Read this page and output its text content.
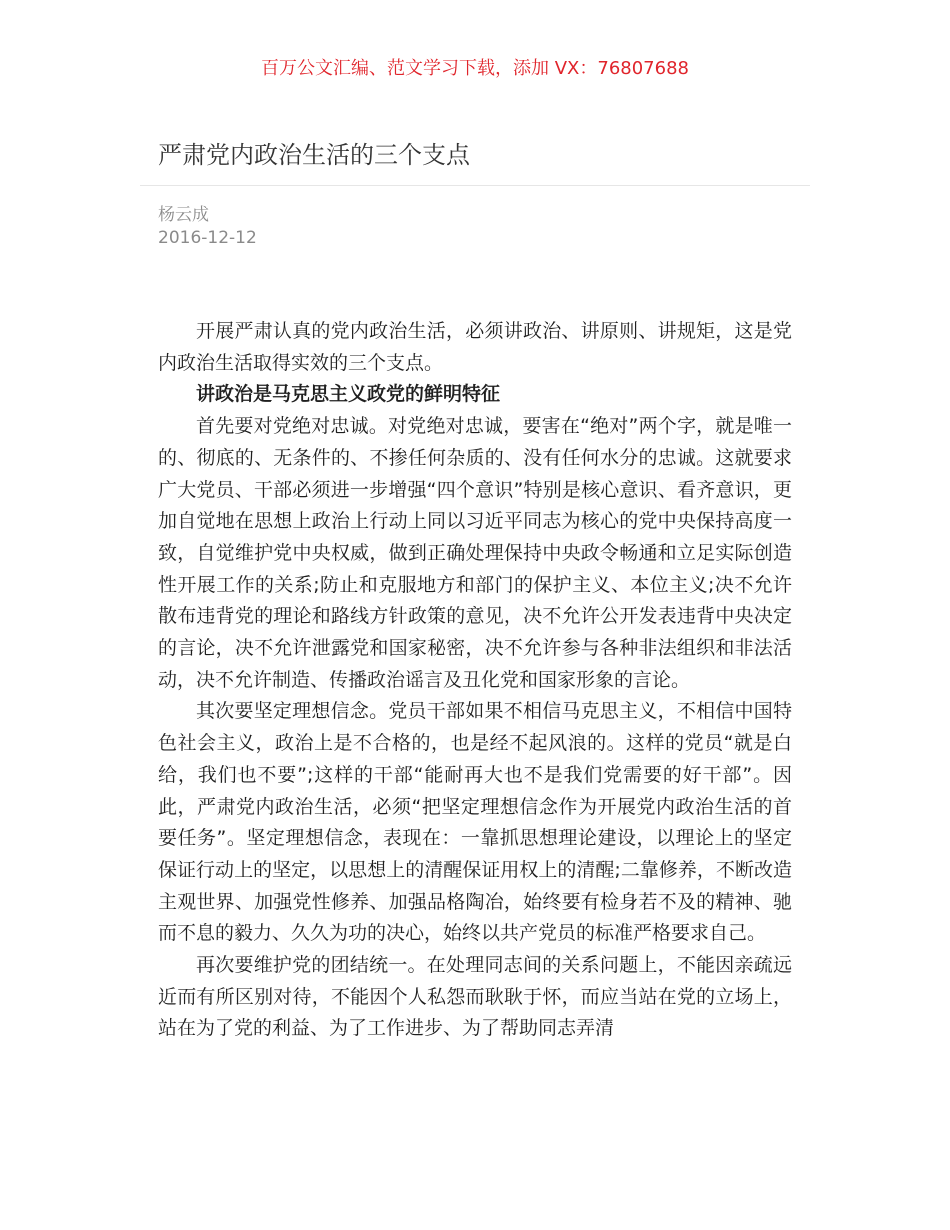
百万公文汇编、范文学习下载，添加 VX：76807688
严肃党内政治生活的三个支点
杨云成
2016-12-12

开展严肃认真的党内政治生活，必须讲政治、讲原则、讲规矩，这是党内政治生活取得实效的三个支点。

讲政治是马克思主义政党的鲜明特征

首先要对党绝对忠诚。对党绝对忠诚，要害在“绝对”两个字，就是唯一的、彻底的、无条件的、不掺任何杂质的、没有任何水分的忠诚。这就要求广大党员、干部必须进一步增强“四个意识”特别是核心意识、看齐意识，更加自觉地在思想上政治上行动上同以习近平同志为核心的党中央保持高度一致，自觉维护党中央权威，做到正确处理保持中央政令畅通和立足实际创造性开展工作的关系;防止和克服地方和部门的保护主义、本位主义;决不允许散布违背党的理论和路线方针政策的意见，决不允许公开发表违背中央决定的言论，决不允许泄露党和国家秘密，决不允许参与各种非法组织和非法活动，决不允许制造、传播政治谣言及丑化党和国家形象的言论。

其次要坚定理想信念。党员干部如果不相信马克思主义，不相信中国特色社会主义，政治上是不合格的，也是经不起风浪的。这样的党员“就是白给，我们也不要”;这样的干部“能耐再大也不是我们党需要的好干部”。因此，严肃党内政治生活，必须“把坚定理想信念作为开展党内政治生活的首要任务”。坚定理想信念，表现在：一靠抓思想理论建设，以理论上的坚定保证行动上的坚定，以思想上的清醒保证用权上的清醒;二靠修养，不断改造主观世界、加强党性修养、加强品格陶冶，始终要有检身若不及的精神、驰而不息的毅力、久久为功的决心，始终以共产党员的标准严格要求自己。

再次要维护党的团结统一。在处理同志间的关系问题上，不能因亲疏远近而有所区别对待，不能因个人私怨而耿耿于怀，而应当站在党的立场上，站在为了党的利益、为了工作进步、为了帮助同志弄清
